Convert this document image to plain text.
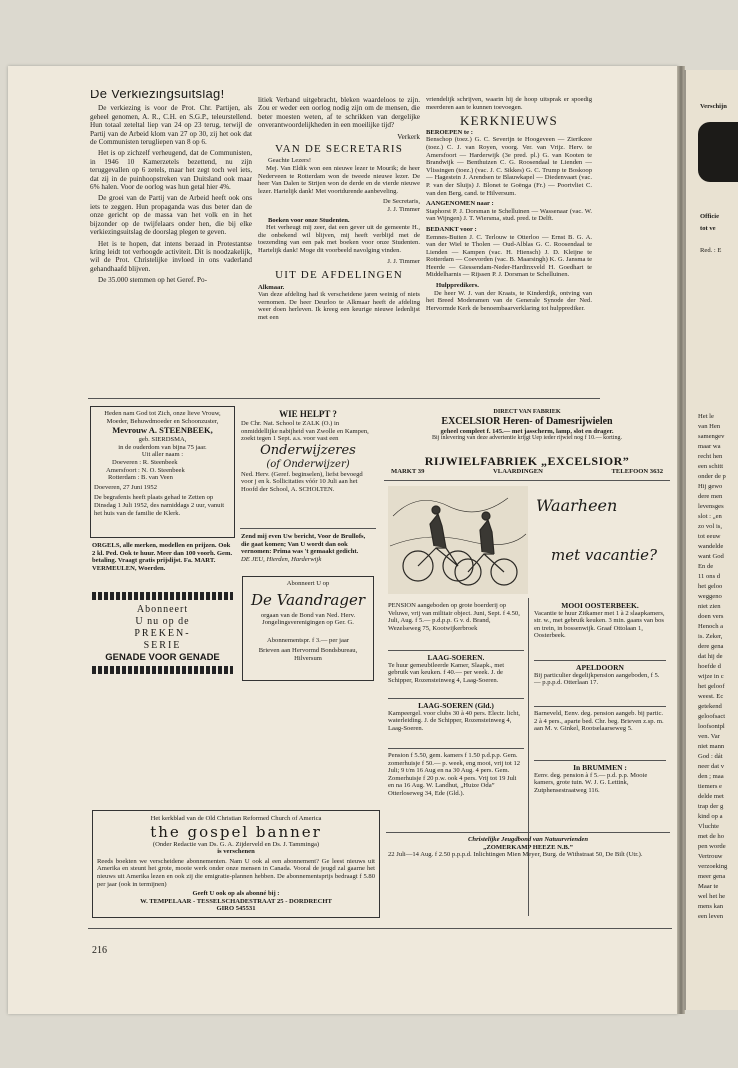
De Verkiezingsuitslag!

De verkiezing is voor de Prot. Chr. Partijen, als geheel genomen, A. R., C.H. en S.G.P., teleurstellend. Hun totaal zeteltal liep van 24 op 23 terug, terwijl de Partij van de Arbeid klom van 27 op 30, zij het ook dat de Communisten terugliepen van 8 op 6.

Het is op zichzelf verheugend, dat de Communisten, in 1946 10 Kamerzetels bezettend, nu zijn teruggevallen op 6 zetels, maar het zegt toch wel iets, dat zij in de puinhoopstreken van Duitsland ook maar 6% halen. Voor de oorlog was hun getal hier 4%.

De groei van de Partij van de Arbeid heeft ook ons iets te zeggen. Hun propaganda was dus beter dan de onze gericht op de massa van het volk en in het bijzonder op de twijfelaars onder hen, die bij elke verkiezingsuitslag de doorslag plegen te geven.

Het is te hopen, dat intens beraad in Protestantse kring leidt tot verhoogde activiteit. Dit is noodzakelijk, wil de Prot. Christelijke invloed in ons vaderland gehandhaafd blijven.

De 35.000 stemmen op het Geref. Po-

litiek Verband uitgebracht, bleken waardeloos te zijn. Zou er weder een oorlog nodig zijn om de mensen, die beter moesten weten, af te schrikken van dergelijke onverantwoordelijkheden in een moeilijke tijd?

Verkerk
VAN DE SECRETARIS
Geachte Lezers!

Mej. Van Eldik won een nieuwe lezer te Mourik; de heer Nederveen te Rotterdam won de tweede nieuwe lezer. De heer Van Dalen te Strijen won de derde en de vierde nieuwe lezer. Hartelijk dank! Met voortdurende aanbeveling.

De Secretaris,
J. J. Timmer
Boeken voor onze Studenten.

Het verheugt mij zeer, dat een gever uit de gemeente H., die onbekend wil blijven, mij heeft verblijd met de toezending van een pak met boeken voor onze Studenten. Hartelijk dank! Moge dit voorbeeld navolging vinden.

J. J. Timmer
UIT DE AFDELINGEN
Alkmaar.

Van deze afdeling had ik verscheidene jaren weinig of niets vernomen. De heer Deurloo te Alkmaar heeft de afdeling weer doen herleven. Ik kreeg een keurige nieuwe ledenlijst met een

vriendelijk schrijven, waarin hij de hoop uitsprak er spoedig meerderen aan te kunnen toevoegen.

KERKNIEUWS
BEROEPEN te :

Benschop (toez.) G. C. Severijn te Hoogeveen — Zierikzee (toez.) C. J. van Royen, voorg. Ver. van Vrijz. Herv. te Amersfoort — Harderwijk (3e pred. pl.) G. van Kooten te Brandwijk — Benthuizen C. G. Roosendaal te Lienden — Vlissingen (toez.) (vac. J. C. Sikkes) G. C. Trump te Boskoop — Hagestein J. Arendsen te Blauwkapel — Diedenvaart (vac. P. van der Sluijs) J. Blonet te Goënga (Fr.) — Poortvliet C. van den Berg, cand. te Hilversum.

AANGENOMEN naar :

Staphorst P. J. Dorsman te Schelluinen — Wassenaar (vac. W. van Wijngen) J. T. Wiersma, stud. pred. te Delft.

BEDANKT voor :

Eemnes-Buiten J. C. Terlouw te Otterloo — Ernst B. G. A. van der Wiel te Tholen — Oud-Alblas G. C. Roosendaal te Lienden — Kampen (vac. H. Hiensch) J. D. Kleijne te Rotterdam — Coevorden (vac. B. Maarsingh) K. G. Jansma te Heerde — Giessendam-Neder-Hardinxveld H. Goedhart te Middelharnis — Rijssen P. J. Dorsman te Schelluinen.

Hulppredikers.

De heer W. J. van der Kraats, te Kinderdijk, ontving van het Breed Moderamen van de Generale Synode der Ned. Hervormde Kerk de benoembaarverklaring tot hulpprediker.

Heden nam God tot Zich, onze lieve Vrouw, Moeder, Behuwdmoeder en Schoonzuster,
Mevrouw A. STEENBEEK,
geb. SIERDSMA,
in de ouderdom van bijna 75 jaar.
Uit aller naam :
Doeveren : R. Steenbeek
Amersfoort : N. O. Steenbeek
Rotterdam : B. van Veen
Doeveren, 27 Juni 1952
De begrafenis heeft plaats gehad te Zetten op Dinsdag 1 Juli 1952, des namiddags 2 uur, vanuit het huis van de familie de Klerk.
ORGELS, alle merken, modellen en prijzen. Ook 2 kl. Ped. Ook te huur. Meer dan 100 voorh. Gem. betaling. Vraagt gratis prijslijst. Fa. MART. VERMEULEN, Woerden.
Abonneert
U nu op de
PREKEN-
SERIE
GENADE VOOR GENADE
WIE HELPT ?
De Chr. Nat. School te ZALK (O.) in onmiddellijke nabijheid van Zwolle en Kampen, zoekt tegen 1 Sept. a.s. voor vast een
Onderwijzeres
(of Onderwijzer)
Ned. Herv. (Geref. beginselen), liefst bevoegd voor j en k. Sollicitaties vóór 10 Juli aan het Hoofd der School, A. SCHOLTEN.
Zend mij even Uw bericht, Voor de Brullofs, die gaat komen; Van U wordt dan ook vernomen: Prima was 't gemaakt gedicht.
DE JEU, Hierden, Harderwijk
Abonneert U op
De Vaandrager
orgaan van de Bond van Ned. Herv. Jongelingsverenigingen op Ger. G.
Abonnementspr. f 3.— per jaar
Brieven aan Hervormd Bondsbureau, Hilversum
DIRECT VAN FABRIEK
EXCELSIOR Heren- of Damesrijwielen
geheel compleet f. 145.— met jasscherm, lamp, slot en drager.
Bij inlevering van deze advertentie krijgt Uep ieder rijwiel nog f 10.— korting.
RIJWIELFABRIEK „EXCELSIOR”
MARKT 39	VLAARDINGEN	TELEFOON 3632
Waarheen
met vacantie?
PENSION aangeboden op grote boerderij op Veluwe, vrij van militair object. Juni, Sept. f 4.50, Juli, Aug. f 5.— p.d.p.p. G v. d. Brand, Wezelseweg 75, Kootwijkerbroek
LAAG-SOEREN.
Te huur gemeubileerde Kamer, Slaapk., met gebruik van keuken. f 40.— per week. J. de Schipper, Rozensteinweg 4, Laag-Soeren.
LAAG-SOEREN (Gld.)
Kampeergel. voor clubs 30 à 40 pers. Electr. licht, waterleiding. J. de Schipper, Rozensteinweg 4, Laag-Soeren.
Pension f 5.50, gem. kamers f 1.50 p.d.p.p. Gem. zomerhuisje f 50.— p. week, eng mooi, vrij tot 12 Juli; 9 t/m 16 Aug en na 30 Aug. 4 pers. Gem. Zomerhuisje f 20 p.w. ook 4 pers. Vrij tot 19 Juli en na 16 Aug. W. Landhut, „Huize Oda” Otterloseweg 34, Ede (Gld.).
MOOI OOSTERBEEK.
Vacantie te huur Zitkamer met 1 à 2 slaapkamers, str. w., met gebruik keuken. 3 min. gaans van bos en trein, in bossenwijk. Graaf Ottolaan 1, Oosterbeek.
APELDOORN
Bij particulier degelijkpension aangeboden, f 5.— p.p.p.d. Otterlaan 17.
Barneveld, Eenv. deg. pension aangeb. bij partic. 2 à 4 pers., aparte bed. Chr. beg. Brieven z.sp. m. aan M. v. Ginkel, Rootselaarseweg 5.
In BRUMMEN :
Eenv. deg. pension à f 5.— p.d. p.p. Mooie kamers, grote tuin. W. J. G. Lettink, Zutphensestraatweg 116.
Christelijke Jeugdbond van Natuurvrienden
„ZOMERKAMP HEEZE N.B.”
22 Juli—14 Aug. f 2.50 p.p.p.d. Inlichtingen Mien Meyer, Burg. de Withstraat 50, De Bilt (Utr.).
Het kerkblad van de Old Christian Reformed Church of America
the gospel banner
(Onder Redactie van Ds. G. A. Zijderveld en Ds. J. Tamminga)
is verschenen
Reeds boekten we verscheidene abonnementen. Nam U ook al een abonnement? Ge leest nieuws uit Amerika en steunt het grote, mooie werk onder onze mensen in Canada. Vooral de jeugd zal gaarne het nieuws uit Amerika lezen en ook zij die emigratie-plannen hebben. De abonnementsprijs bedraagt f 5.80 per jaar (ook in termijnen)
Geeft U ook op als abonné bij :
W. TEMPELAAR - TESSELSCHADESTRAAT 25 - DORDRECHT
GIRO 545531
216
Verschijn
Officie
tot ve
Red. : E
Het le
van Hen
samengev
maar wa
recht hen
een schitt
onder de p
Hij gewo
dere men
levensges
slot : „en
zo vol is,
tot eeuw
wandelde
want God
En de
11 ons d
het geloo
weggeno
niet zien
doen vers
Henoch a
is. Zeker,
dere gena
dat hij de
hoefde d
wijze in c
het geloof
weest. Ec
getekend
geloofsact
loofsontpl
ven. Var
niet mann
God : dát
neer dat v
den ; maa
tiemers e
delde met
trap der g
kind op a
Vluchte
met de ho
pen worde
Vertrouw
verzoeking
meer gena
Maar te
wel het he
mens kan
een leven
